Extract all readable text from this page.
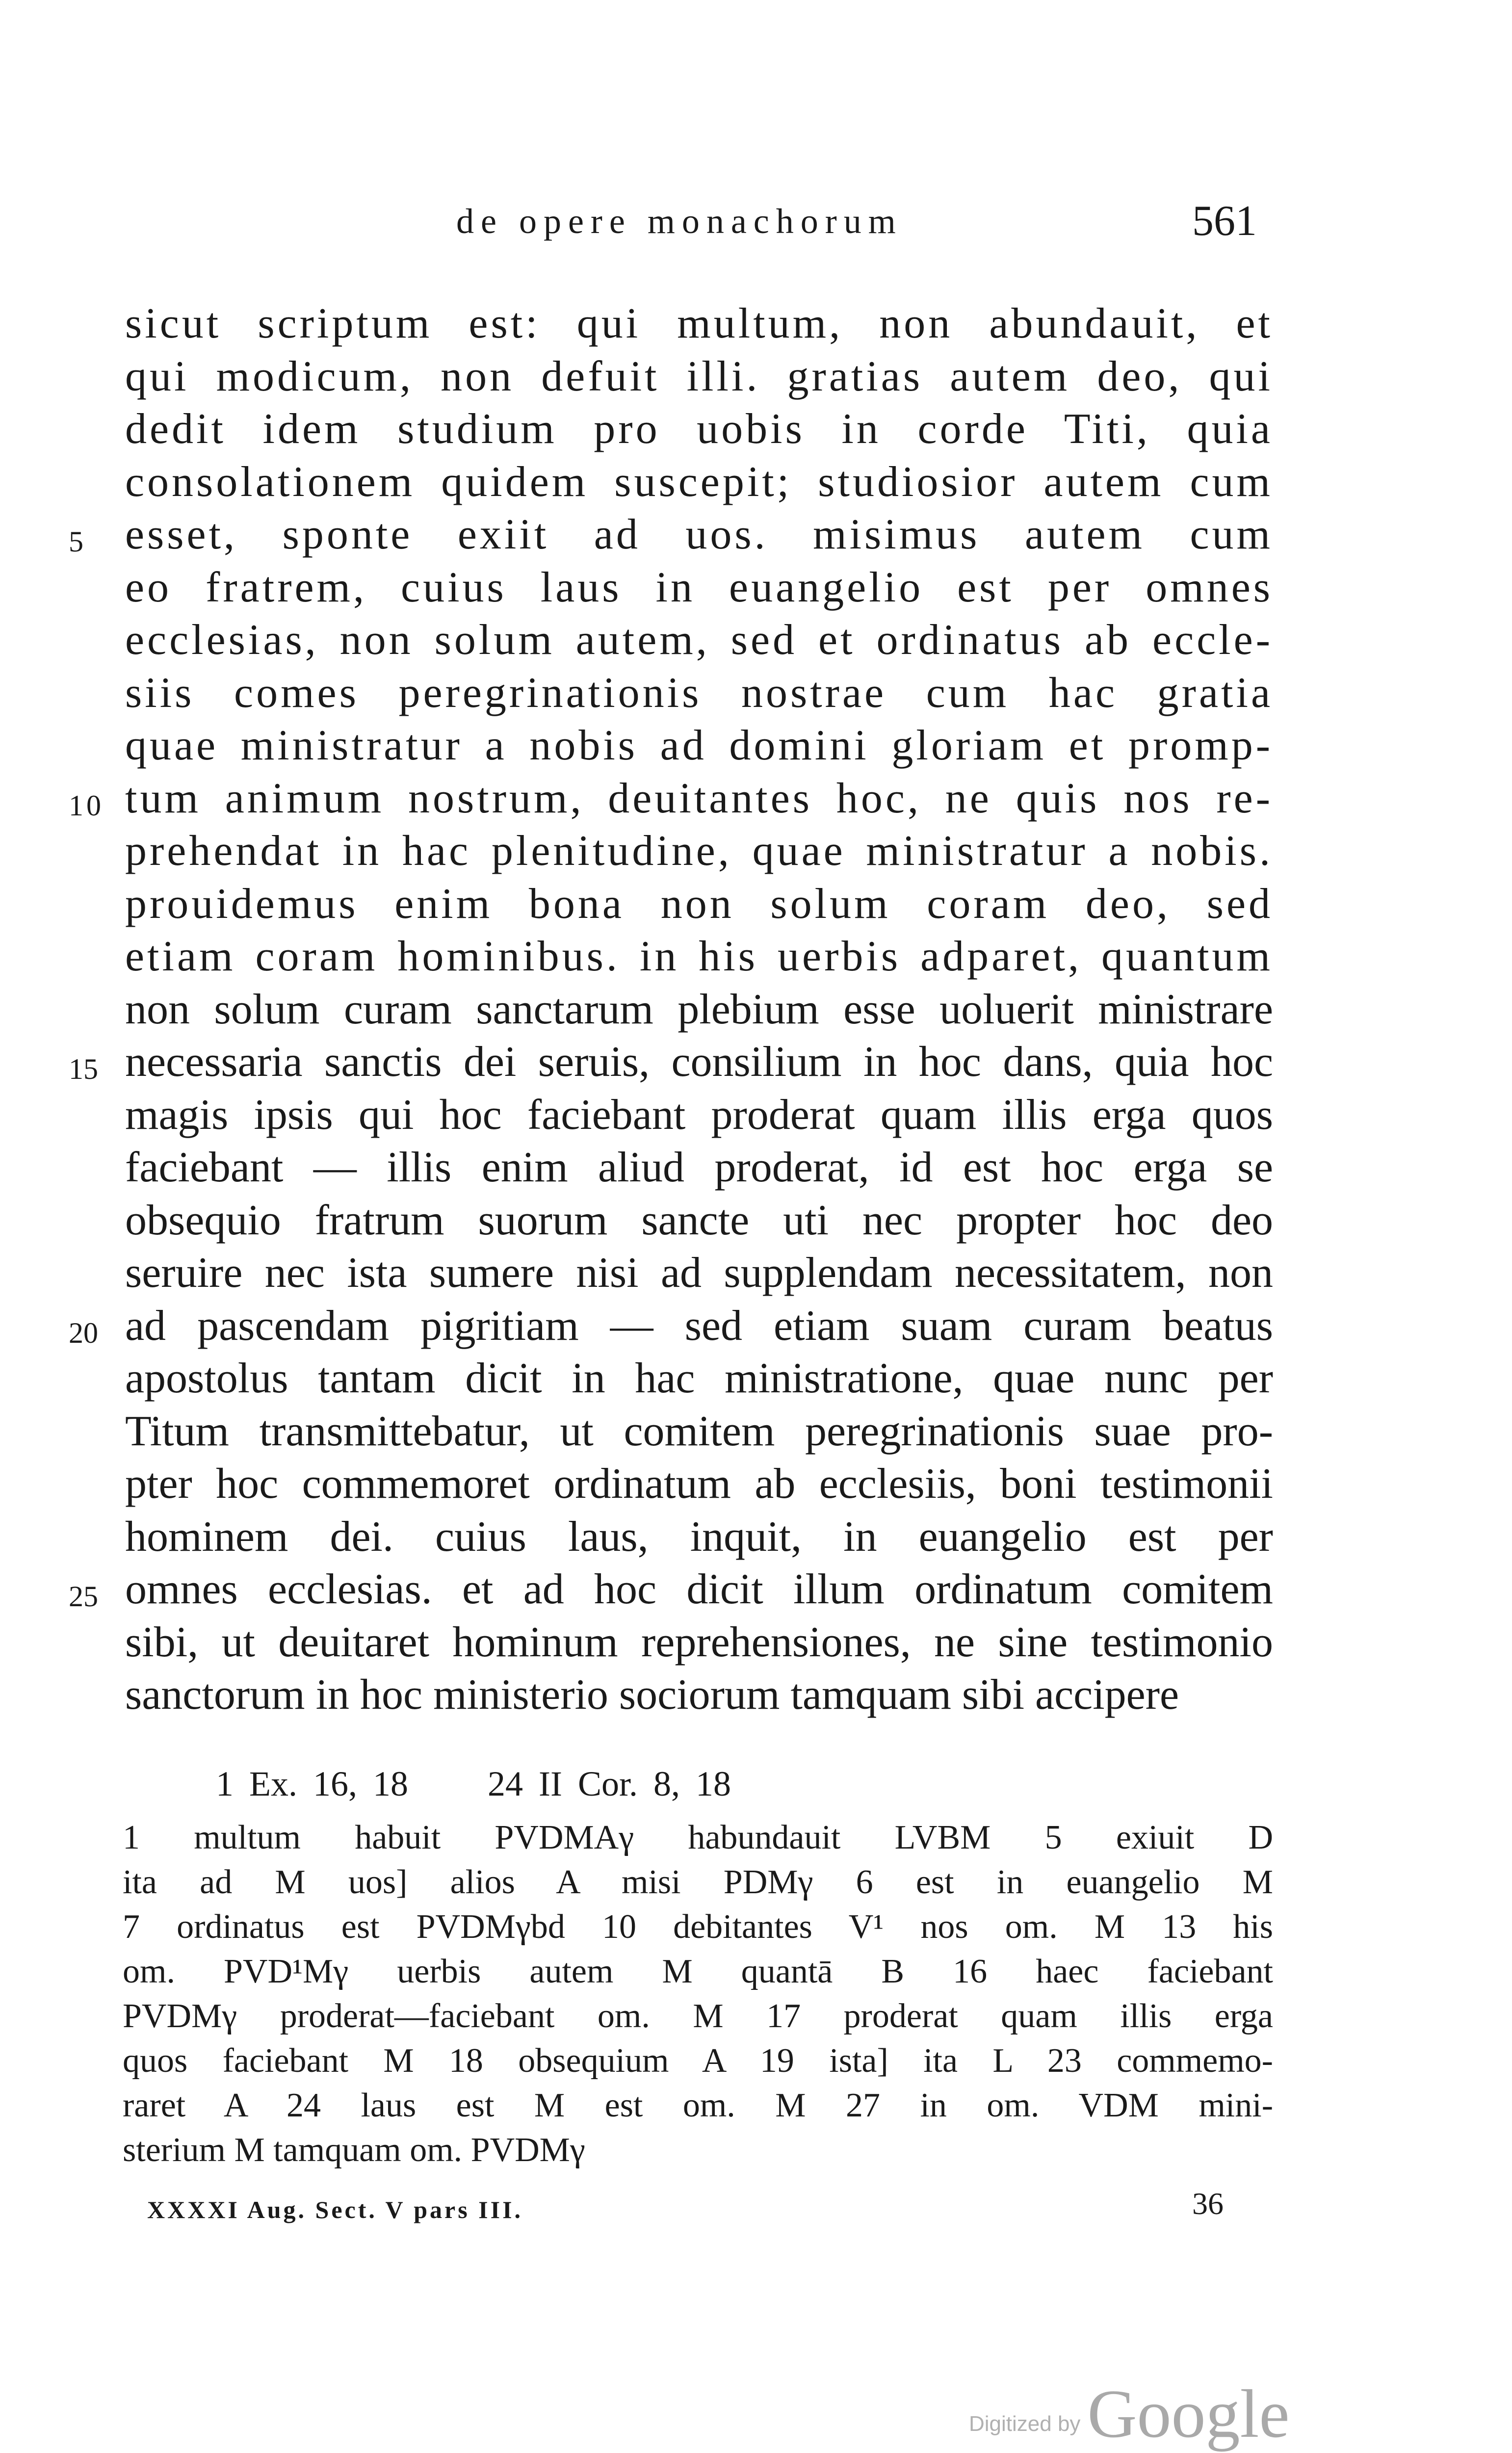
de opere monachorum	561
sicut scriptum est: qui multum, non abundauit, et
qui modicum, non defuit illi. gratias autem deo, qui
dedit idem studium pro uobis in corde Titi, quia
consolationem quidem suscepit; studiosior autem cum
5 esset, sponte exiit ad uos. misimus autem cum
eo fratrem, cuius laus in euangelio est per omnes
ecclesias, non solum autem, sed et ordinatus ab eccle-
siis comes peregrinationis nostrae cum hac gratia
quae ministratur a nobis ad domini gloriam et promp-
10 tum animum nostrum, deuitantes hoc, ne quis nos re-
prehendat in hac plenitudine, quae ministratur a nobis.
prouidemus enim bona non solum coram deo, sed
etiam coram hominibus. in his uerbis adparet, quantum
non solum curam sanctarum plebium esse uoluerit ministrare
15 necessaria sanctis dei seruis, consilium in hoc dans, quia hoc
magis ipsis qui hoc faciebant proderat quam illis erga quos
faciebant — illis enim aliud proderat, id est hoc erga se
obsequio fratrum suorum sancte uti nec propter hoc deo
seruire nec ista sumere nisi ad supplendam necessitatem, non
20 ad pascendam pigritiam — sed etiam suam curam beatus
apostolus tantam dicit in hac ministratione, quae nunc per
Titum transmittebatur, ut comitem peregrinationis suae pro-
pter hoc commemoret ordinatum ab ecclesiis, boni testimonii
hominem dei. cuius laus, inquit, in euangelio est per
25 omnes ecclesias. et ad hoc dicit illum ordinatum comitem
sibi, ut deuitaret hominum reprehensiones, ne sine testimonio
sanctorum in hoc ministerio sociorum tamquam sibi accipere
1 Ex. 16, 18 24 II Cor. 8, 18
1 multum habuit PVDMAγ habundauit LVBM 5 exiuit D
ita ad M uos] alios A misi PDMγ 6 est in euangelio M
7 ordinatus est PVDMγbd 10 debitantes V¹ nos om. M 13 his
om. PVD¹Mγ uerbis autem M quantā B 16 haec faciebant
PVDMγ proderat—faciebant om. M 17 proderat quam illis erga
quos faciebant M 18 obsequium A 19 ista] ita L 23 commemo-
raret A 24 laus est M est om. M 27 in om. VDM mini-
sterium M tamquam om. PVDMγ
XXXXI Aug. Sect. V pars III.	36
Digitized by Google
